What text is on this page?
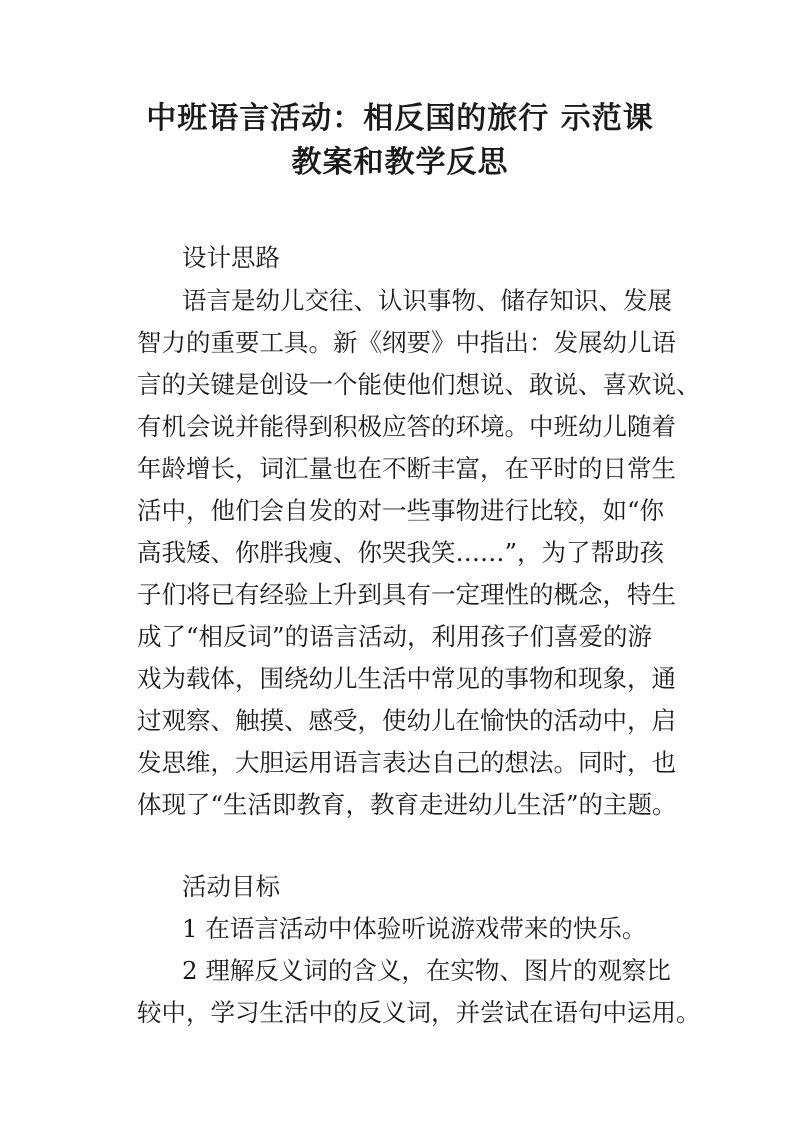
中班语言活动：相反国的旅行 示范课
教案和教学反思

设计思路

语言是幼儿交往、认识事物、储存知识、发展

智力的重要工具。新《纲要》中指出：发展幼儿语

言的关键是创设一个能使他们想说、敢说、喜欢说、

有机会说并能得到积极应答的环境。中班幼儿随着

年龄增长，词汇量也在不断丰富，在平时的日常生

活中，他们会自发的对一些事物进行比较，如“你

高我矮、你胖我瘦、你哭我笑……”，为了帮助孩

子们将已有经验上升到具有一定理性的概念，特生

成了“相反词”的语言活动，利用孩子们喜爱的游

戏为载体，围绕幼儿生活中常见的事物和现象，通

过观察、触摸、感受，使幼儿在愉快的活动中，启

发思维，大胆运用语言表达自己的想法。同时，也

体现了“生活即教育，教育走进幼儿生活”的主题。

活动目标

1 在语言活动中体验听说游戏带来的快乐。

2 理解反义词的含义，在实物、图片的观察比

较中，学习生活中的反义词，并尝试在语句中运用。
